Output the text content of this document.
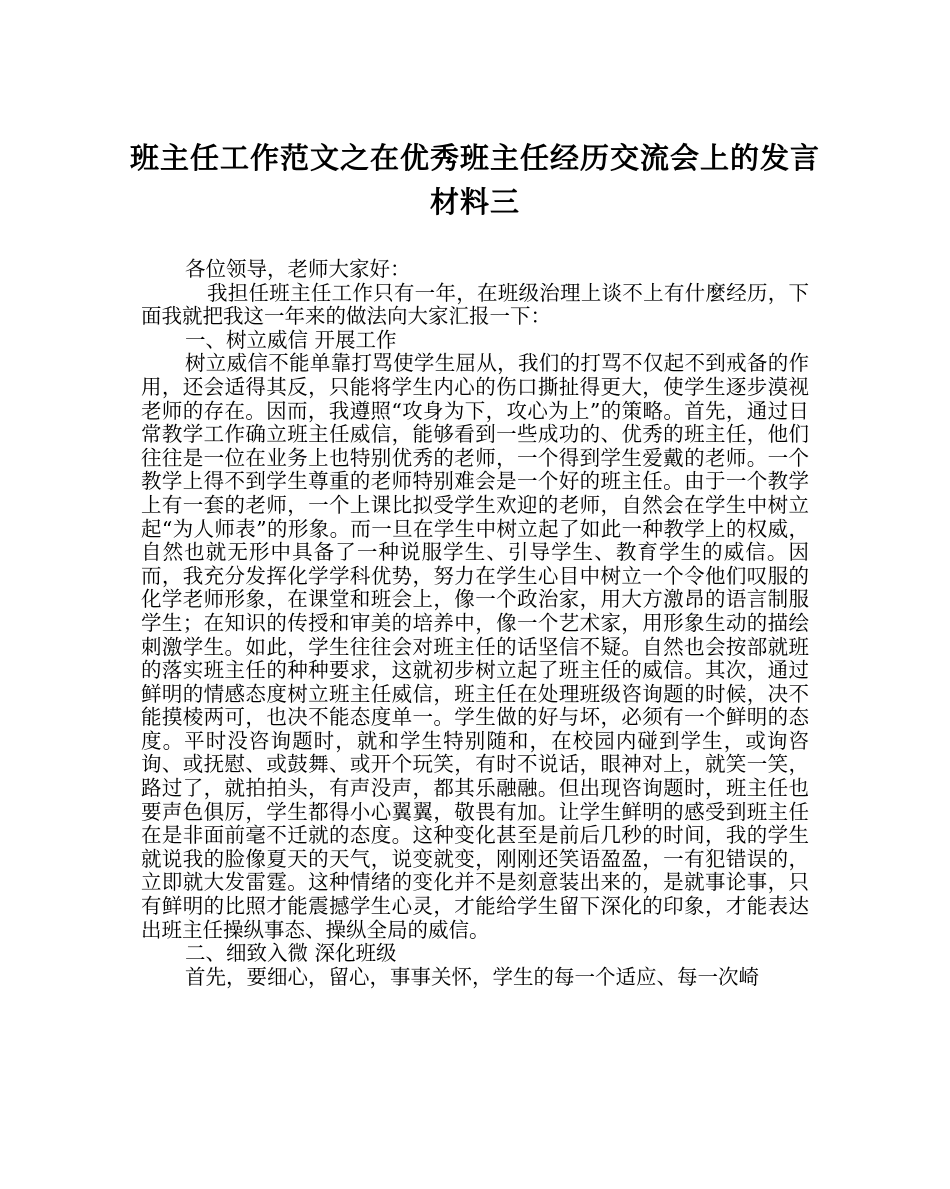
班主任工作范文之在优秀班主任经历交流会上的发言材料三

各位领导，老师大家好：

我担任班主任工作只有一年，在班级治理上谈不上有什麼经历，下面我就把我这一年来的做法向大家汇报一下：

一、树立威信 开展工作

树立威信不能单靠打骂使学生屈从，我们的打骂不仅起不到戒备的作用，还会适得其反，只能将学生内心的伤口撕扯得更大，使学生逐步漠视老师的存在。因而，我遵照“攻身为下，攻心为上”的策略。首先，通过日常教学工作确立班主任威信，能够看到一些成功的、优秀的班主任，他们往往是一位在业务上也特别优秀的老师，一个得到学生爱戴的老师。一个教学上得不到学生尊重的老师特别难会是一个好的班主任。由于一个教学上有一套的老师，一个上课比拟受学生欢迎的老师，自然会在学生中树立起“为人师表”的形象。而一旦在学生中树立起了如此一种教学上的权威，自然也就无形中具备了一种说服学生、引导学生、教育学生的威信。因而，我充分发挥化学学科优势，努力在学生心目中树立一个令他们叹服的化学老师形象，在课堂和班会上，像一个政治家，用大方激昂的语言制服学生；在知识的传授和审美的培养中，像一个艺术家，用形象生动的描绘刺激学生。如此，学生往往会对班主任的话坚信不疑。自然也会按部就班的落实班主任的种种要求，这就初步树立起了班主任的威信。其次，通过鲜明的情感态度树立班主任威信，班主任在处理班级咨询题的时候，决不能摸棱两可，也决不能态度单一。学生做的好与坏，必须有一个鲜明的态度。平时没咨询题时，就和学生特别随和，在校园内碰到学生，或询咨询、或抚慰、或鼓舞、或开个玩笑，有时不说话，眼神对上，就笑一笑，路过了，就拍拍头，有声没声，都其乐融融。但出现咨询题时，班主任也要声色俱厉，学生都得小心翼翼，敬畏有加。让学生鲜明的感受到班主任在是非面前毫不迁就的态度。这种变化甚至是前后几秒的时间，我的学生就说我的脸像夏天的天气，说变就变，刚刚还笑语盈盈，一有犯错误的，立即就大发雷霆。这种情绪的变化并不是刻意装出来的，是就事论事，只有鲜明的比照才能震撼学生心灵，才能给学生留下深化的印象，才能表达出班主任操纵事态、操纵全局的威信。

二、细致入微 深化班级

首先，要细心，留心，事事关怀，学生的每一个适应、每一次崎
